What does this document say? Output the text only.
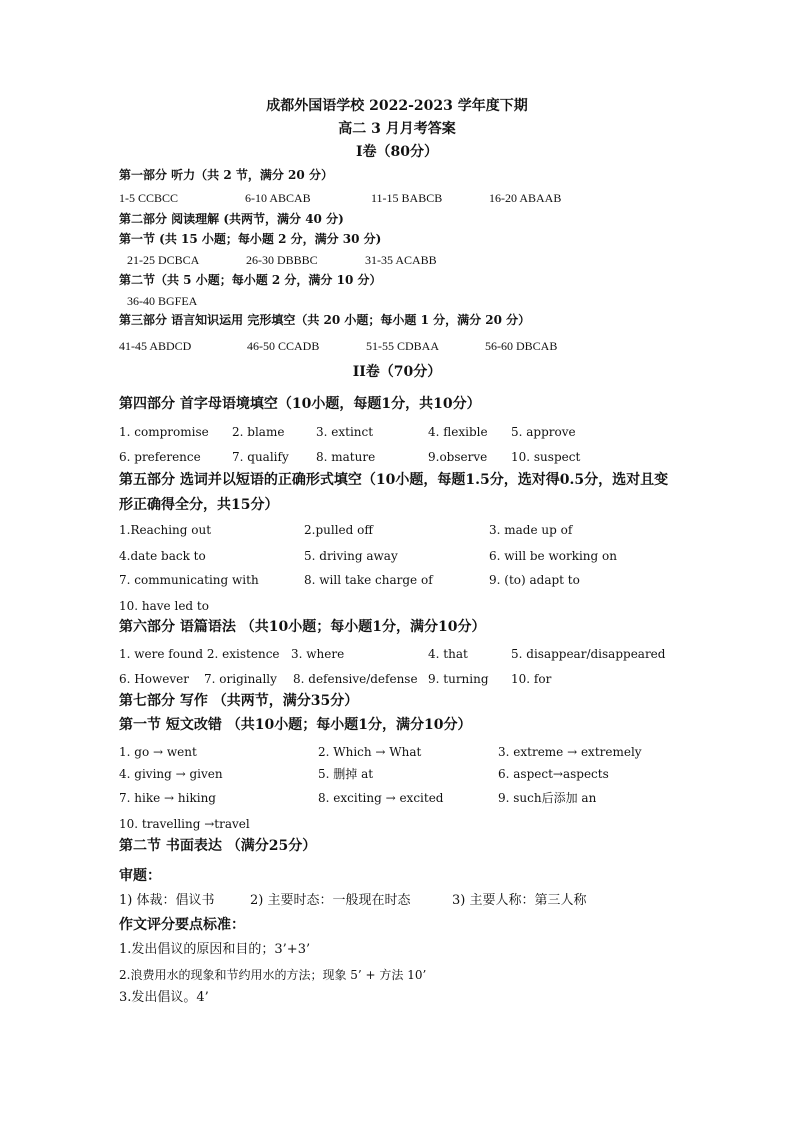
成都外国语学校 2022-2023 学年度下期
高二 3 月月考答案
I卷（80分）
第一部分 听力（共 2 节，满分 20 分）
1-5 CCBCC	6-10 ABCAB	11-15 BABCB	16-20 ABAAB
第二部分 阅读理解 (共两节，满分 40 分)
第一节 (共 15 小题；每小题 2 分，满分 30 分)
21-25 DCBCA	26-30 DBBBC	31-35 ACABB
第二节（共 5 小题；每小题 2 分，满分 10 分）
36-40 BGFEA
第三部分 语言知识运用 完形填空（共 20 小题；每小题 1 分，满分 20 分）
41-45 ABDCD	46-50 CCADB	51-55 CDBAA	56-60 DBCAB
II卷（70分）
第四部分 首字母语境填空（10小题，每题1分，共10分）
1. compromise 2. blame	3. extinct	4. flexible 5. approve
6. preference	7. qualify 8. mature	9.observe 10. suspect
第五部分 选词并以短语的正确形式填空（10小题，每题1.5分，选对得0.5分，选对且变
形正确得全分，共15分）
1.Reaching out	2.pulled off	3. made up of
4.date back to	5. driving away	6. will be working on
7. communicating with	8. will take charge of	9. (to) adapt to
10. have led to
第六部分 语篇语法 （共10小题；每小题1分，满分10分）
1. were found 2. existence 3. where	4. that	5. disappear/disappeared
6. However 7. originally 8. defensive/defense 9. turning 10. for
第七部分 写作 （共两节，满分35分）
第一节 短文改错 （共10小题；每小题1分，满分10分）
1. go → went	2. Which → What	3. extreme → extremely
4. giving → given	5. 删掉 at	6. aspect→aspects
7. hike → hiking	8. exciting → excited	9. such后添加 an
10. travelling →travel
第二节 书面表达 （满分25分）
审题：
1) 体裁：倡议书	2) 主要时态：一般现在时态	3) 主要人称：第三人称
作文评分要点标准：
1.发出倡议的原因和目的；3’+3’
2.浪费用水的现象和节约用水的方法；现象 5’ + 方法 10’
3.发出倡议。4’
